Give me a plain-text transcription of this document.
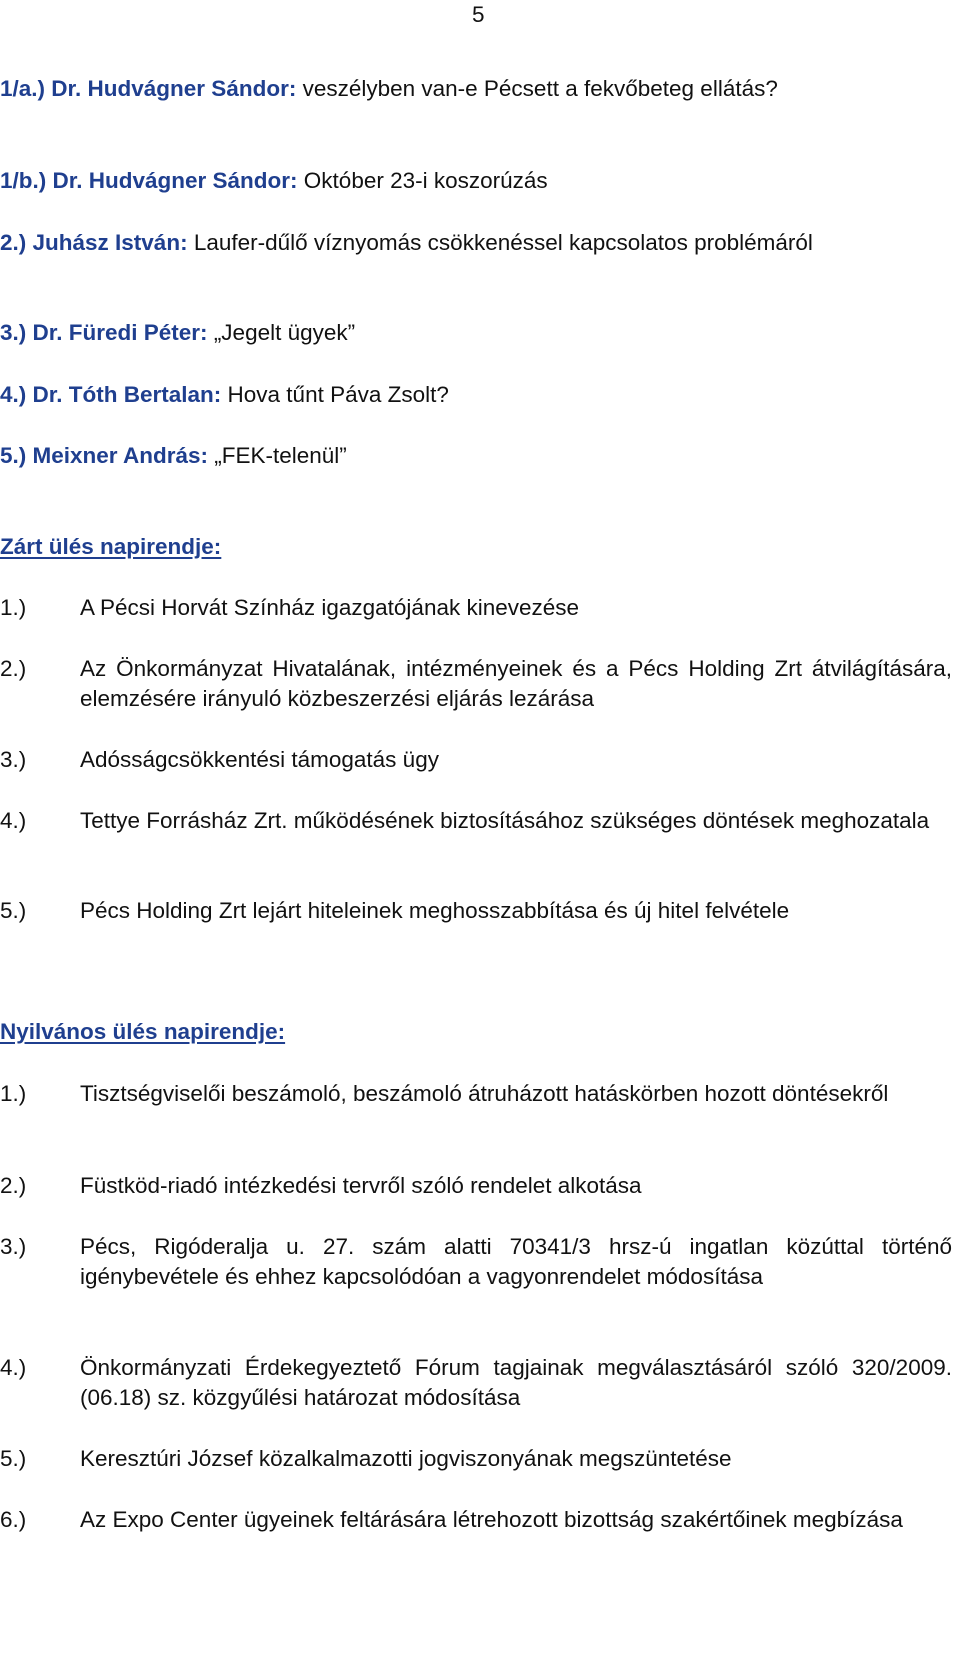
5
1/a.) Dr. Hudvágner Sándor: veszélyben van-e Pécsett a fekvőbeteg ellátás?
1/b.) Dr. Hudvágner Sándor: Október 23-i koszorúzás
2.) Juhász István: Laufer-dűlő víznyomás csökkenéssel kapcsolatos problémáról
3.) Dr. Füredi Péter: „Jegelt ügyek”
4.) Dr. Tóth Bertalan: Hova tűnt Páva Zsolt?
5.) Meixner András: „FEK-telenül”
Zárt ülés napirendje:
1.)	A Pécsi Horvát Színház igazgatójának kinevezése
2.)	Az Önkormányzat Hivatalának, intézményeinek és a Pécs Holding Zrt átvilágítására, elemzésére irányuló közbeszerzési eljárás lezárása
3.)	Adósságcsökkentési támogatás ügy
4.)	Tettye Forrásház Zrt. működésének biztosításához szükséges döntések meghozatala
5.)	Pécs Holding Zrt lejárt hiteleinek meghosszabbítása és új hitel felvétele
Nyilvános ülés napirendje:
1.)	Tisztségviselői beszámoló, beszámoló átruházott hatáskörben hozott döntésekről
2.)	Füstköd-riadó intézkedési tervről szóló rendelet alkotása
3.)	Pécs, Rigóderalja u. 27. szám alatti 70341/3 hrsz-ú ingatlan közúttal történő igénybevétele és ehhez kapcsolódóan a vagyonrendelet módosítása
4.)	Önkormányzati Érdekegyeztető Fórum tagjainak megválasztásáról szóló 320/2009. (06.18) sz. közgyűlési határozat módosítása
5.)	Keresztúri József közalkalmazotti jogviszonyának megszüntetése
6.)	Az Expo Center ügyeinek feltárására létrehozott bizottság szakértőinek megbízása
